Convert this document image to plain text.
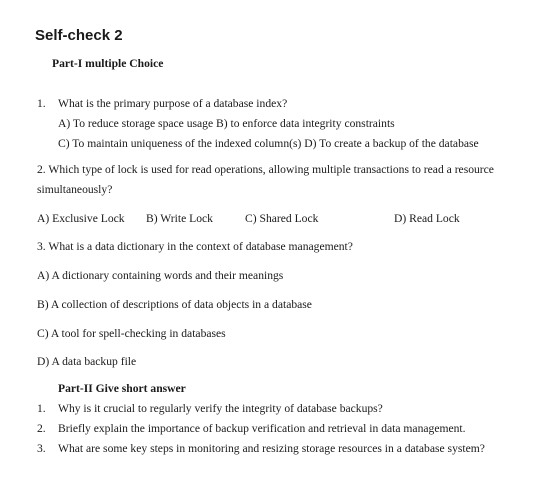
Self-check 2
Part-I multiple Choice
1. What is the primary purpose of a database index?
A) To reduce storage space usage B) to enforce data integrity constraints
C) To maintain uniqueness of the indexed column(s) D) To create a backup of the database
2. Which type of lock is used for read operations, allowing multiple transactions to read a resource
simultaneously?
A) Exclusive Lock B) Write Lock	C) Shared Lock	D) Read Lock
3. What is a data dictionary in the context of database management?
A) A dictionary containing words and their meanings
B) A collection of descriptions of data objects in a database
C) A tool for spell-checking in databases
D) A data backup file
Part-II Give short answer
1. Why is it crucial to regularly verify the integrity of database backups?
2. Briefly explain the importance of backup verification and retrieval in data management.
3. What are some key steps in monitoring and resizing storage resources in a database system?
